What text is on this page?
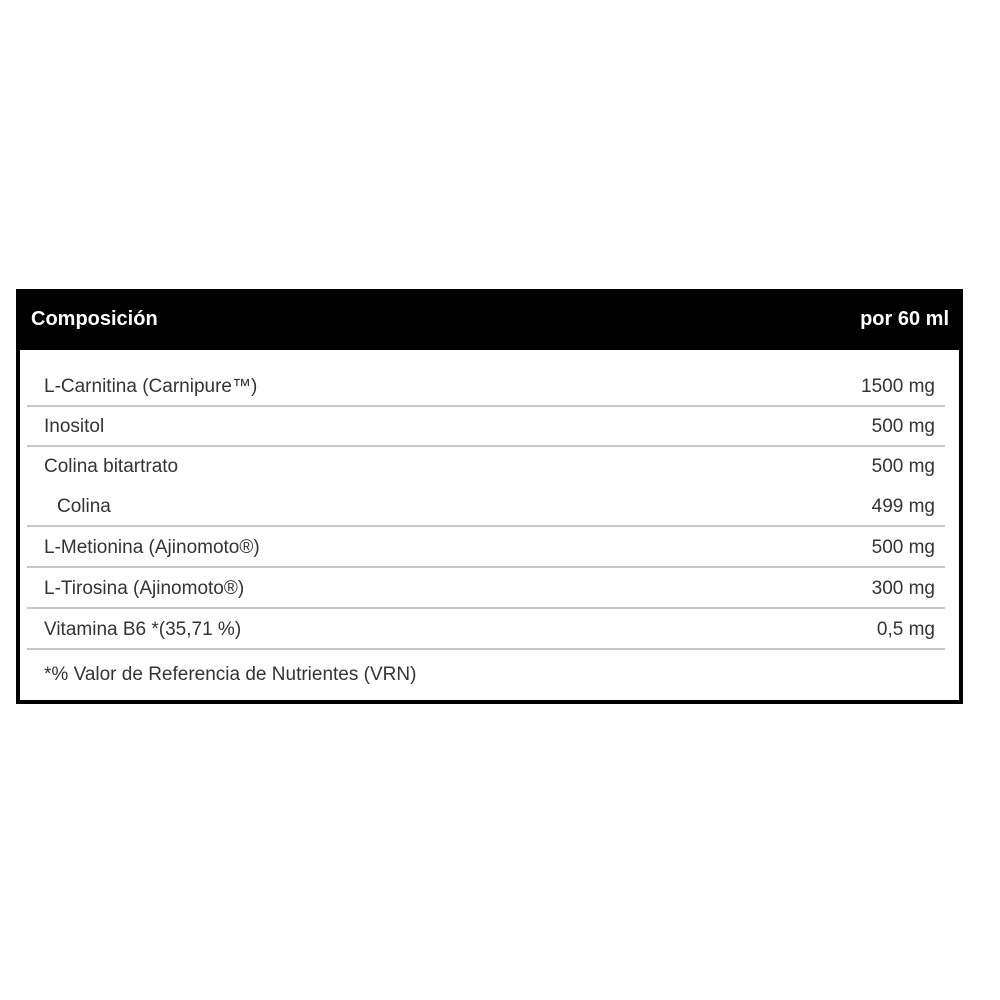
Composición	por 60 ml
L-Carnitina (Carnipure™)	1500 mg
Inositol	500 mg
Colina bitartrato	500 mg
Colina	499 mg
L-Metionina (Ajinomoto®)	500 mg
L-Tirosina (Ajinomoto®)	300 mg
Vitamina B6 *(35,71 %)	0,5 mg
*% Valor de Referencia de Nutrientes (VRN)
